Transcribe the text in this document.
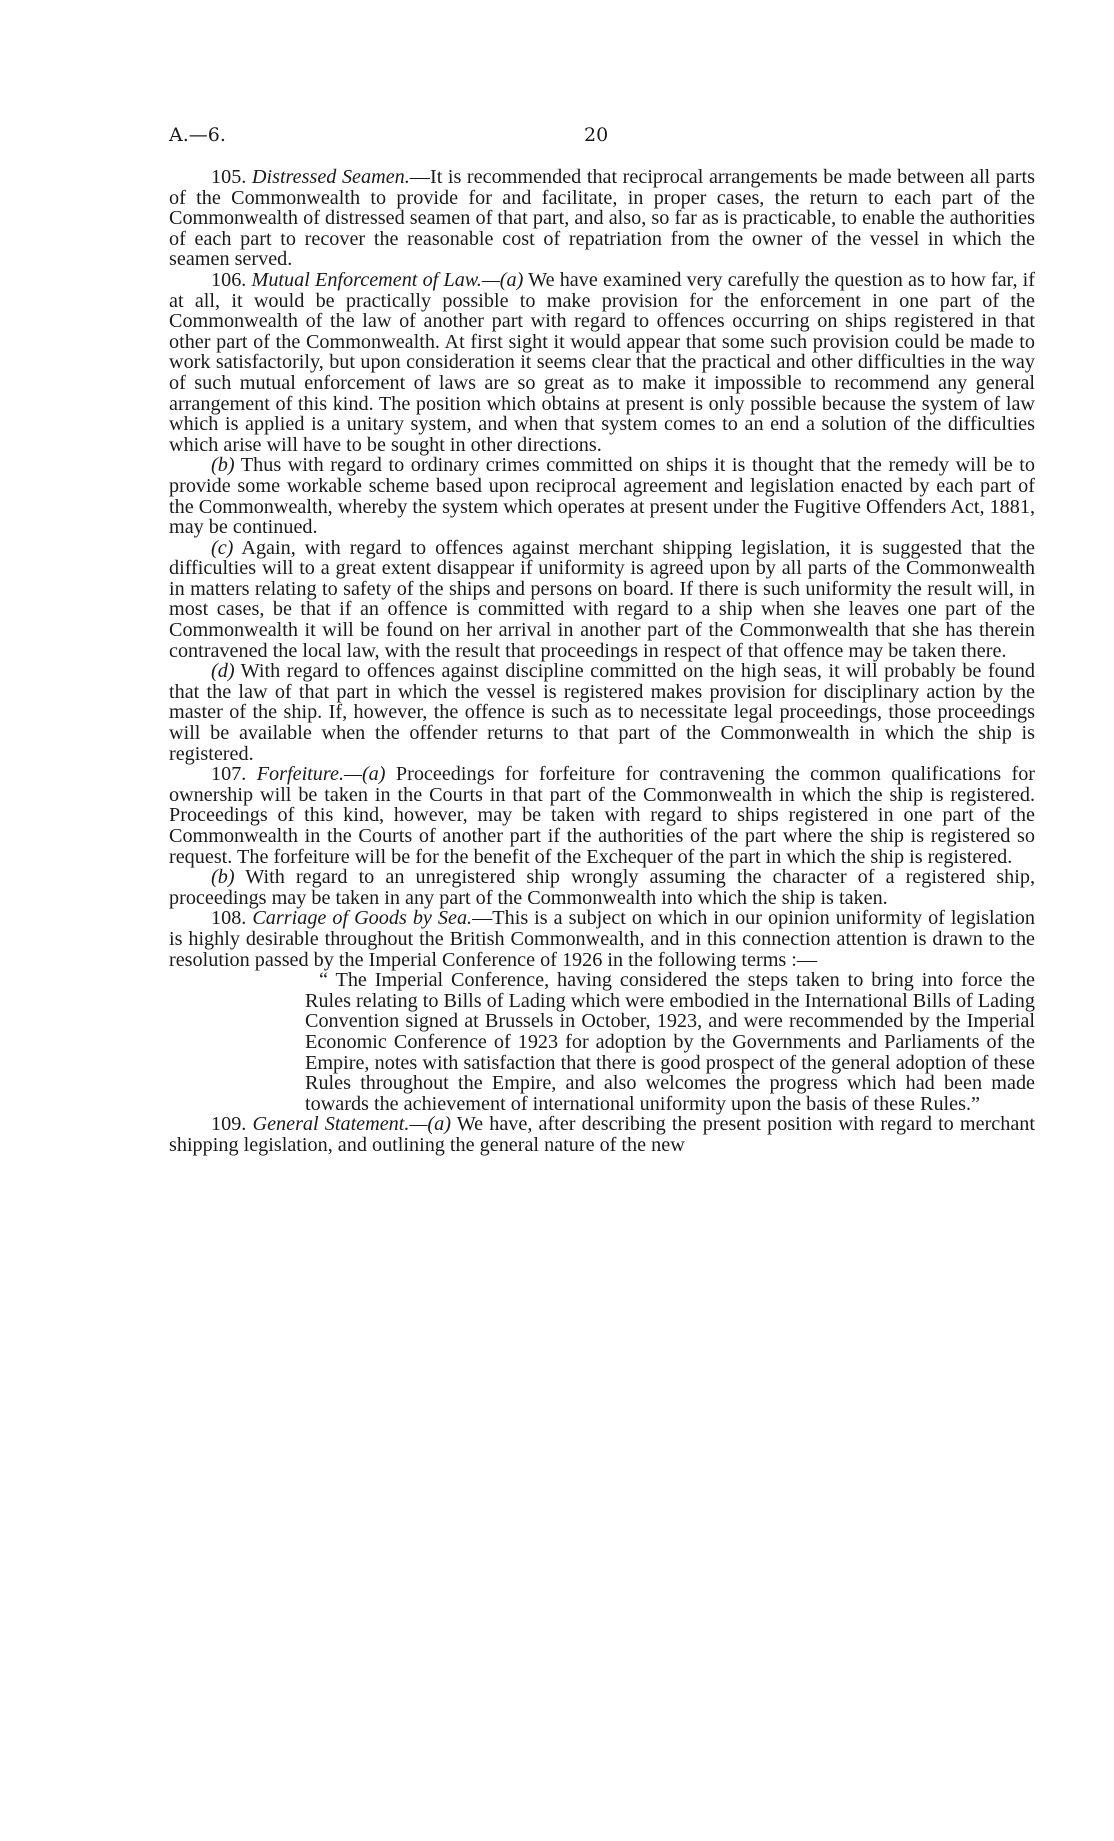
A.—6.	20

105. Distressed Seamen.—It is recommended that reciprocal arrangements be made between all parts of the Commonwealth to provide for and facilitate, in proper cases, the return to each part of the Commonwealth of distressed seamen of that part, and also, so far as is practicable, to enable the authorities of each part to recover the reasonable cost of repatriation from the owner of the vessel in which the seamen served.

106. Mutual Enforcement of Law.—(a) We have examined very carefully the question as to how far, if at all, it would be practically possible to make provision for the enforcement in one part of the Commonwealth of the law of another part with regard to offences occurring on ships registered in that other part of the Commonwealth. At first sight it would appear that some such provision could be made to work satisfactorily, but upon consideration it seems clear that the practical and other difficulties in the way of such mutual enforcement of laws are so great as to make it impossible to recommend any general arrangement of this kind. The position which obtains at present is only possible because the system of law which is applied is a unitary system, and when that system comes to an end a solution of the difficulties which arise will have to be sought in other directions.

(b) Thus with regard to ordinary crimes committed on ships it is thought that the remedy will be to provide some workable scheme based upon reciprocal agreement and legislation enacted by each part of the Commonwealth, whereby the system which operates at present under the Fugitive Offenders Act, 1881, may be continued.

(c) Again, with regard to offences against merchant shipping legislation, it is suggested that the difficulties will to a great extent disappear if uniformity is agreed upon by all parts of the Commonwealth in matters relating to safety of the ships and persons on board. If there is such uniformity the result will, in most cases, be that if an offence is committed with regard to a ship when she leaves one part of the Commonwealth it will be found on her arrival in another part of the Commonwealth that she has therein contravened the local law, with the result that proceedings in respect of that offence may be taken there.

(d) With regard to offences against discipline committed on the high seas, it will probably be found that the law of that part in which the vessel is registered makes provision for disciplinary action by the master of the ship. If, however, the offence is such as to necessitate legal proceedings, those proceedings will be available when the offender returns to that part of the Commonwealth in which the ship is registered.

107. Forfeiture.—(a) Proceedings for forfeiture for contravening the common qualifications for ownership will be taken in the Courts in that part of the Commonwealth in which the ship is registered. Proceedings of this kind, however, may be taken with regard to ships registered in one part of the Commonwealth in the Courts of another part if the authorities of the part where the ship is registered so request. The forfeiture will be for the benefit of the Exchequer of the part in which the ship is registered.

(b) With regard to an unregistered ship wrongly assuming the character of a registered ship, proceedings may be taken in any part of the Commonwealth into which the ship is taken.

108. Carriage of Goods by Sea.—This is a subject on which in our opinion uniformity of legislation is highly desirable throughout the British Commonwealth, and in this connection attention is drawn to the resolution passed by the Imperial Conference of 1926 in the following terms :—

“ The Imperial Conference, having considered the steps taken to bring into force the Rules relating to Bills of Lading which were embodied in the International Bills of Lading Convention signed at Brussels in October, 1923, and were recommended by the Imperial Economic Conference of 1923 for adoption by the Governments and Parliaments of the Empire, notes with satisfaction that there is good prospect of the general adoption of these Rules throughout the Empire, and also welcomes the progress which had been made towards the achievement of international uniformity upon the basis of these Rules.”

109. General Statement.—(a) We have, after describing the present position with regard to merchant shipping legislation, and outlining the general nature of the new
